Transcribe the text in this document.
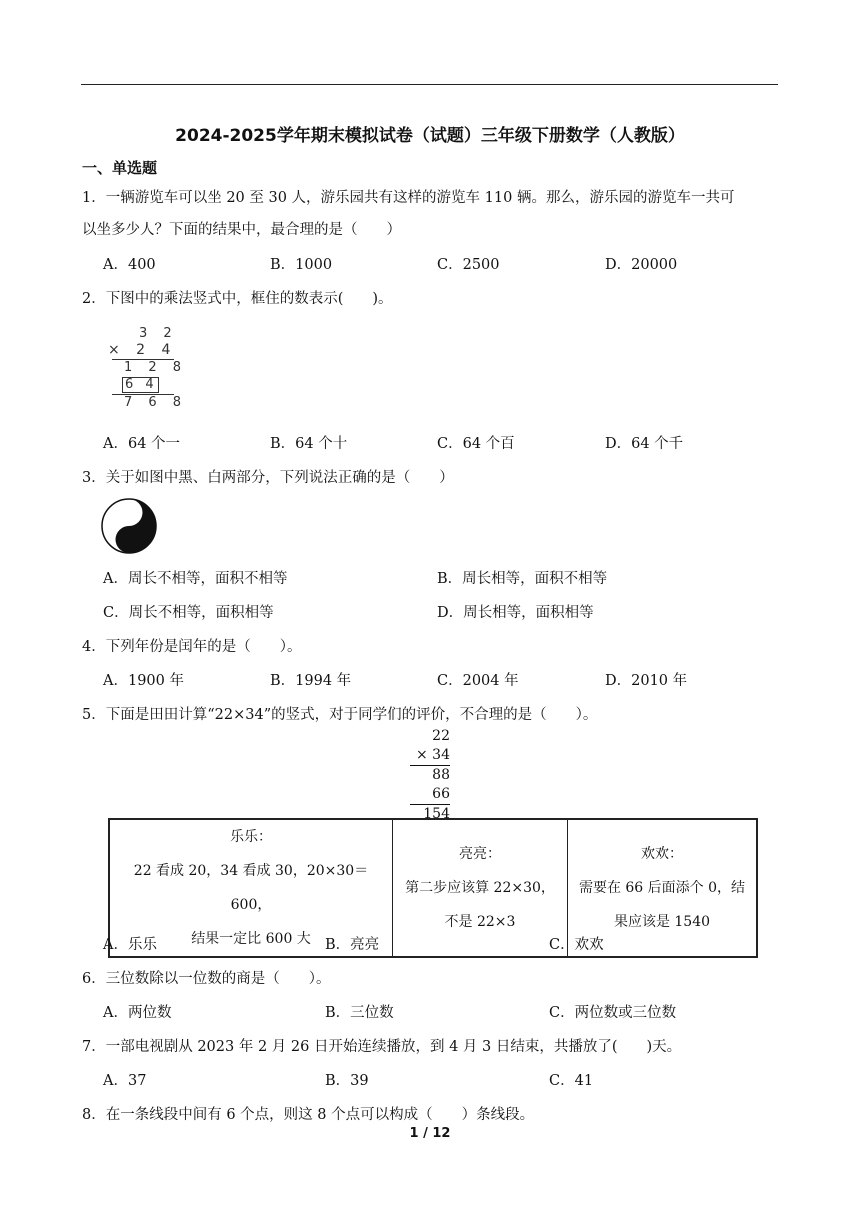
2024-2025学年期末模拟试卷（试题）三年级下册数学（人教版）
一、单选题
1．一辆游览车可以坐 20 至 30 人，游乐园共有这样的游览车 110 辆。那么，游乐园的游览车一共可
以坐多少人？下面的结果中，最合理的是（　　）
A．400	B．1000	C．2500	D．20000
2．下图中的乘法竖式中，框住的数表示(　　)。
3 2
× 2 4
1 2 8
6 4
7 6 8
A．64 个一	B．64 个十	C．64 个百	D．64 个千
3．关于如图中黑、白两部分，下列说法正确的是（　　）
A．周长不相等，面积不相等	B．周长相等，面积不相等
C．周长不相等，面积相等	D．周长相等，面积相等
4．下列年份是闰年的是（　　）。
A．1900 年	B．1994 年	C．2004 年	D．2010 年
5．下面是田田计算“22×34”的竖式，对于同学们的评价，不合理的是（　　）。
22
× 34
88
66
154
乐乐：
22 看成 20，34 看成 30，20×30＝600，
结果一定比 600 大

亮亮：
第二步应该算 22×30，
不是 22×3

欢欢：
需要在 66 后面添个 0，结
果应该是 1540
A．乐乐	B．亮亮	C．欢欢
6．三位数除以一位数的商是（　　）。
A．两位数	B．三位数	C．两位数或三位数
7．一部电视剧从 2023 年 2 月 26 日开始连续播放，到 4 月 3 日结束，共播放了(　　)天。
A．37	B．39	C．41
8．在一条线段中间有 6 个点，则这 8 个点可以构成（　　）条线段。
1 / 12
